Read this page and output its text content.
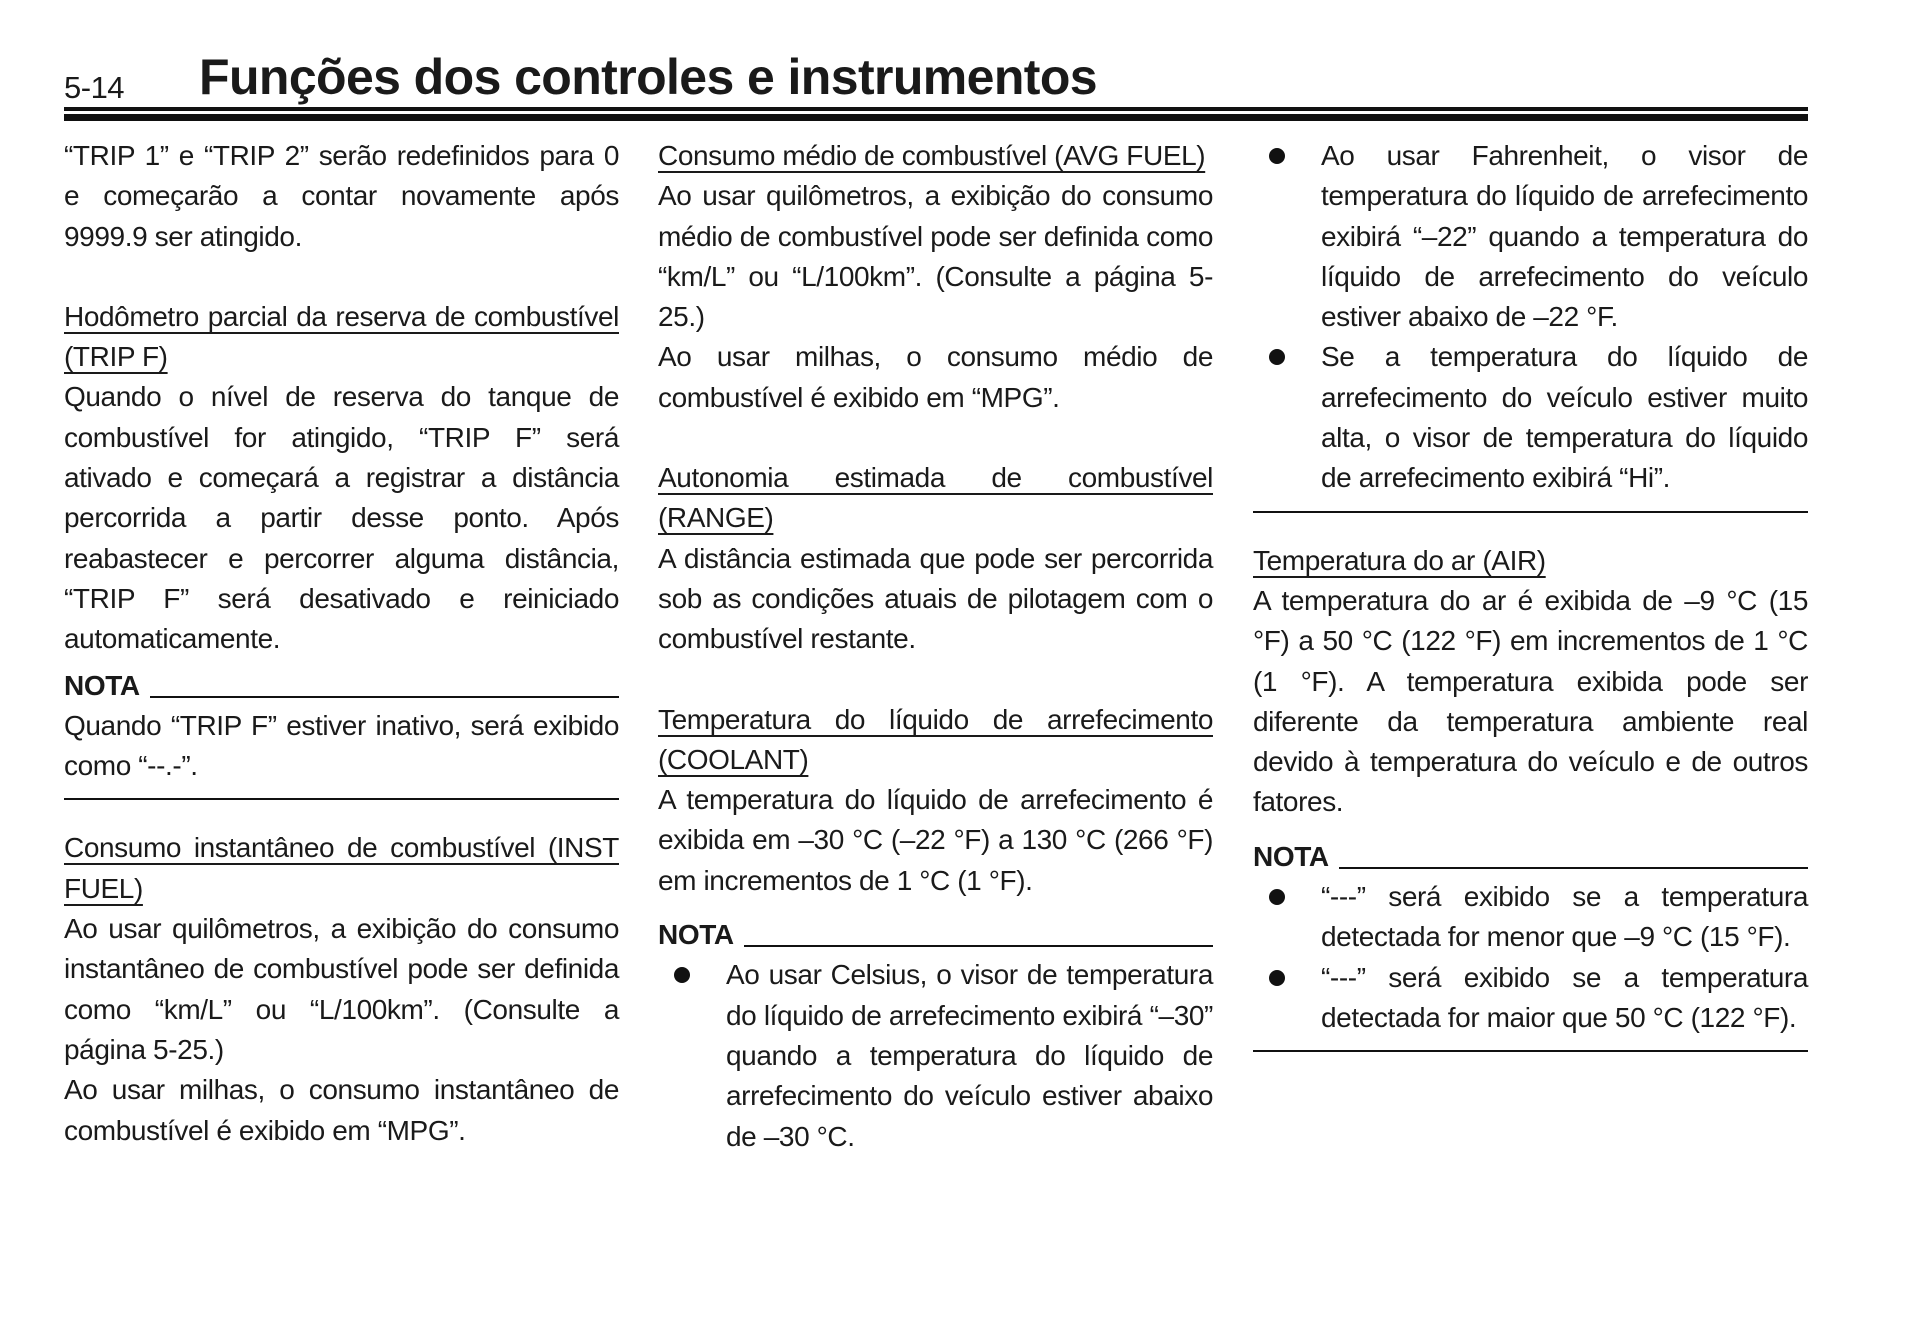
5-14 Funções dos controles e instrumentos

“TRIP 1” e “TRIP 2” serão redefinidos para 0 e começarão a contar novamente após 9999.9 ser atingido.

Hodômetro parcial da reserva de combustível (TRIP F)

Quando o nível de reserva do tanque de combustível for atingido, “TRIP F” será ativado e começará a registrar a distância percorrida a partir desse ponto. Após reabastecer e percorrer alguma distância, “TRIP F” será desativado e reiniciado automaticamente.

NOTA

Quando “TRIP F” estiver inativo, será exibido como “--.-”.

Consumo instantâneo de combustível (INST FUEL)

Ao usar quilômetros, a exibição do consumo instantâneo de combustível pode ser definida como “km/L” ou “L/100km”. (Consulte a página 5-25.)

Ao usar milhas, o consumo instantâneo de combustível é exibido em “MPG”.

Consumo médio de combustível (AVG FUEL)

Ao usar quilômetros, a exibição do consumo médio de combustível pode ser definida como “km/L” ou “L/100km”. (Consulte a página 5-25.)

Ao usar milhas, o consumo médio de combustível é exibido em “MPG”.

Autonomia estimada de combustível (RANGE)

A distância estimada que pode ser percorrida sob as condições atuais de pilotagem com o combustível restante.

Temperatura do líquido de arrefecimento (COOLANT)

A temperatura do líquido de arrefecimento é exibida em –30 °C (–22 °F) a 130 °C (266 °F) em incrementos de 1 °C (1 °F).

NOTA
Ao usar Celsius, o visor de temperatura do líquido de arrefecimento exibirá “–30” quando a temperatura do líquido de arrefecimento do veículo estiver abaixo de –30 °C.
Ao usar Fahrenheit, o visor de temperatura do líquido de arrefecimento exibirá “–22” quando a temperatura do líquido de arrefecimento do veículo estiver abaixo de –22 °F.
Se a temperatura do líquido de arrefecimento do veículo estiver muito alta, o visor de temperatura do líquido de arrefecimento exibirá “Hi”.

Temperatura do ar (AIR)

A temperatura do ar é exibida de –9 °C (15 °F) a 50 °C (122 °F) em incrementos de 1 °C (1 °F). A temperatura exibida pode ser diferente da temperatura ambiente real devido à temperatura do veículo e de outros fatores.

NOTA
“---” será exibido se a temperatura detectada for menor que –9 °C (15 °F).
“---” será exibido se a temperatura detectada for maior que 50 °C (122 °F).
